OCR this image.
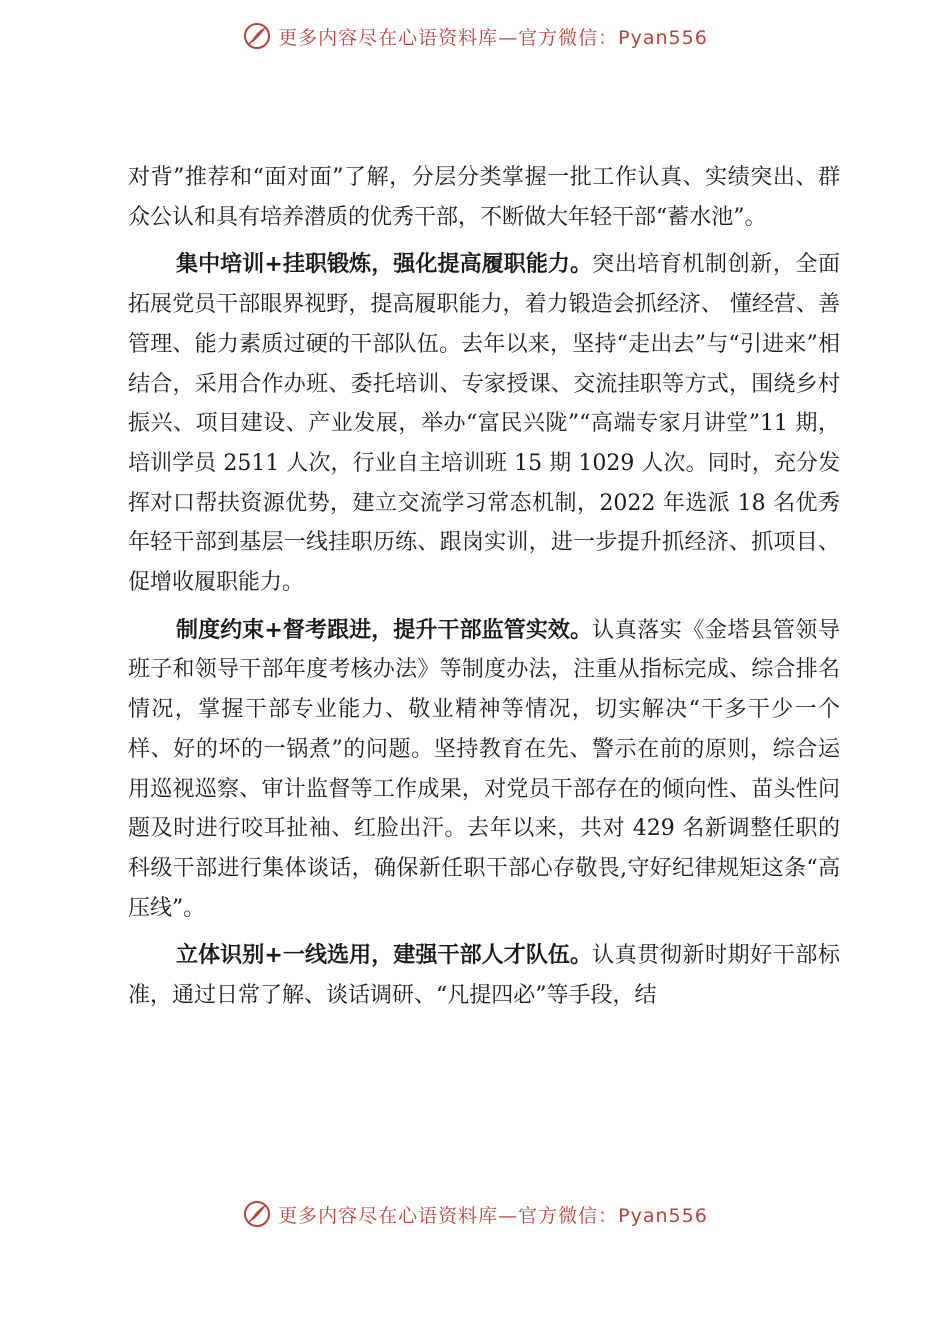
更多内容尽在心语资料库—官方微信：Pyan556

对背”推荐和“面对面”了解，分层分类掌握一批工作认真、实绩突出、群众公认和具有培养潜质的优秀干部，不断做大年轻干部“蓄水池”。

集中培训+挂职锻炼，强化提高履职能力。突出培育机制创新，全面拓展党员干部眼界视野，提高履职能力，着力锻造会抓经济、 懂经营、善管理、能力素质过硬的干部队伍。去年以来，坚持“走出去”与“引进来”相结合，采用合作办班、委托培训、专家授课、交流挂职等方式，围绕乡村振兴、项目建设、产业发展，举办“富民兴陇”“高端专家月讲堂”11 期，培训学员 2511 人次，行业自主培训班 15 期 1029 人次。同时，充分发挥对口帮扶资源优势，建立交流学习常态机制，2022 年选派 18 名优秀年轻干部到基层一线挂职历练、跟岗实训，进一步提升抓经济、抓项目、促增收履职能力。

制度约束+督考跟进，提升干部监管实效。认真落实《金塔县管领导班子和领导干部年度考核办法》等制度办法，注重从指标完成、综合排名情况，掌握干部专业能力、敬业精神等情况，切实解决“干多干少一个样、好的坏的一锅煮”的问题。坚持教育在先、警示在前的原则，综合运用巡视巡察、审计监督等工作成果，对党员干部存在的倾向性、苗头性问题及时进行咬耳扯袖、红脸出汗。去年以来，共对 429 名新调整任职的科级干部进行集体谈话，确保新任职干部心存敬畏,守好纪律规矩这条“高压线”。

立体识别+一线选用，建强干部人才队伍。认真贯彻新时期好干部标准，通过日常了解、谈话调研、“凡提四必”等手段，结

更多内容尽在心语资料库—官方微信：Pyan556
